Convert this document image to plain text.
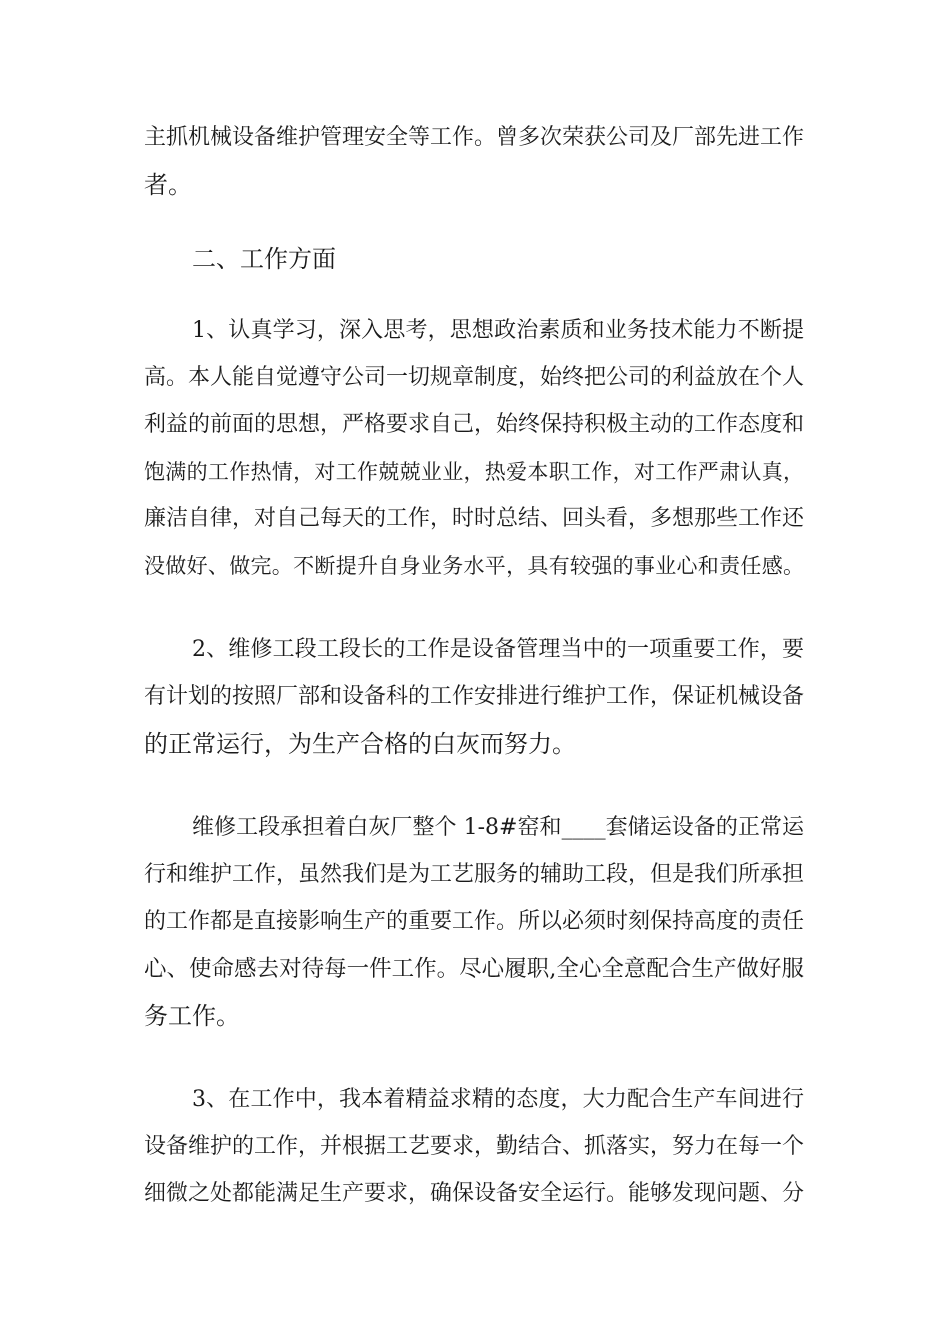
主抓机械设备维护管理安全等工作。曾多次荣获公司及厂部先进工作
者。
二、工作方面
1、认真学习，深入思考，思想政治素质和业务技术能力不断提
高。本人能自觉遵守公司一切规章制度，始终把公司的利益放在个人
利益的前面的思想，严格要求自己，始终保持积极主动的工作态度和
饱满的工作热情，对工作兢兢业业，热爱本职工作，对工作严肃认真，
廉洁自律，对自己每天的工作，时时总结、回头看，多想那些工作还
没做好、做完。不断提升自身业务水平，具有较强的事业心和责任感。
2、维修工段工段长的工作是设备管理当中的一项重要工作，要
有计划的按照厂部和设备科的工作安排进行维护工作，保证机械设备
的正常运行，为生产合格的白灰而努力。
维修工段承担着白灰厂整个 1-8#窑和____套储运设备的正常运
行和维护工作，虽然我们是为工艺服务的辅助工段，但是我们所承担
的工作都是直接影响生产的重要工作。所以必须时刻保持高度的责任
心、使命感去对待每一件工作。尽心履职,全心全意配合生产做好服
务工作。
3、在工作中，我本着精益求精的态度，大力配合生产车间进行
设备维护的工作，并根据工艺要求，勤结合、抓落实，努力在每一个
细微之处都能满足生产要求，确保设备安全运行。能够发现问题、分
